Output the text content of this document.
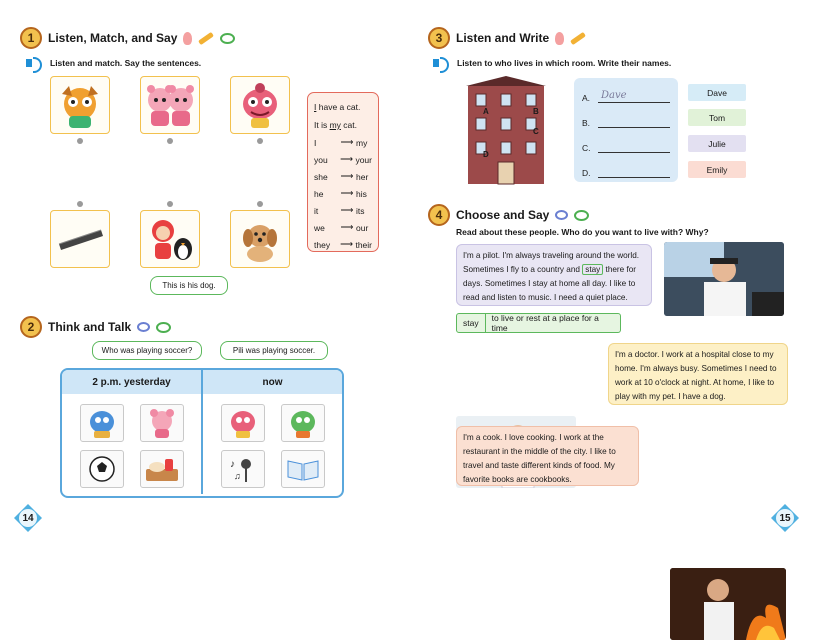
1 Listen, Match, and Say
Listen and match. Say the sentences.
I have a cat.
It is my cat.
I	⟶ my
you	⟶ your
she	⟶ her
he	⟶ his
it	⟶ its
we	⟶ our
they	⟶ their
This is his dog.
2 Think and Talk
Who was playing soccer?	Pili was playing soccer.
2 p.m. yesterday	now
♪
♫
14
3 Listen and Write
Listen to who lives in which room. Write their names.
A	B
C
D
A.	Dave
B.
C.
D.
Dave
Tom
Julie
Emily
4 Choose and Say
Read about these people. Who do you want to live with? Why?
I'm a pilot. I'm always traveling around the world. Sometimes I fly to a country and stay there for days. Sometimes I stay at home all day. I like to read and listen to music. I need a quiet place.
stay	to live or rest at a place for a time
I'm a doctor. I work at a hospital close to my home. I'm always busy. Sometimes I need to work at 10 o'clock at night. At home, I like to play with my pet. I have a dog.
I'm a cook. I love cooking. I work at the restaurant in the middle of the city. I like to travel and taste different kinds of food. My favorite books are cookbooks.
15
